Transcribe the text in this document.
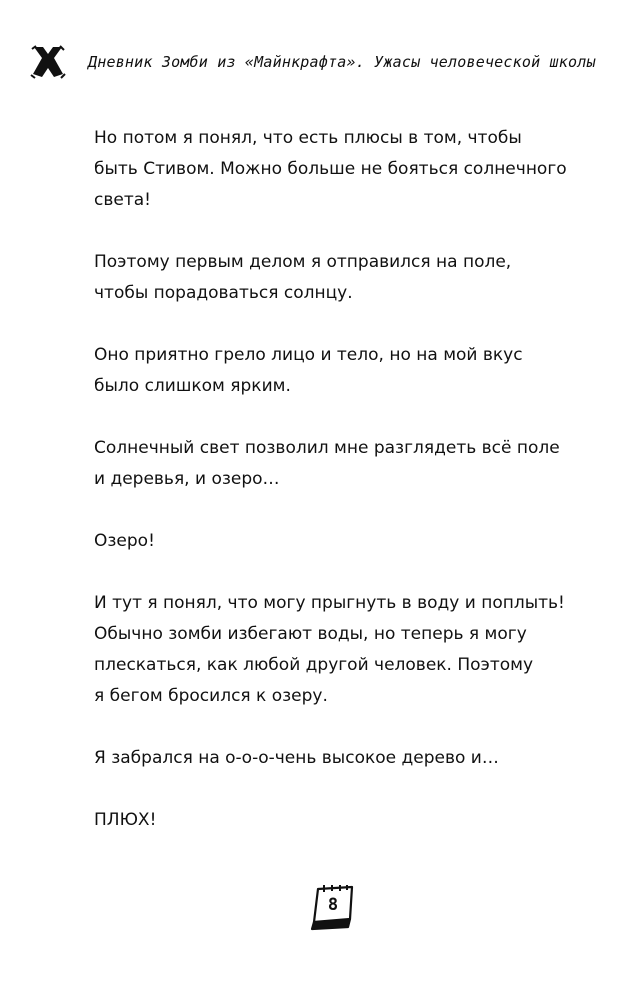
Дневник Зомби из «Майнкрафта». Ужасы человеческой школы
Но потом я понял, что есть плюсы в том, чтобы
быть Стивом. Можно больше не бояться солнечного
света!
Поэтому первым делом я отправился на поле,
чтобы порадоваться солнцу.
Оно приятно грело лицо и тело, но на мой вкус
было слишком ярким.
Солнечный свет позволил мне разглядеть всё поле
и деревья, и озеро…
Озеро!
И тут я понял, что могу прыгнуть в воду и поплыть!
Обычно зомби избегают воды, но теперь я могу
плескаться, как любой другой человек. Поэтому
я бегом бросился к озеру.
Я забрался на о-о-о-чень высокое дерево и…
ПЛЮХ!
8
